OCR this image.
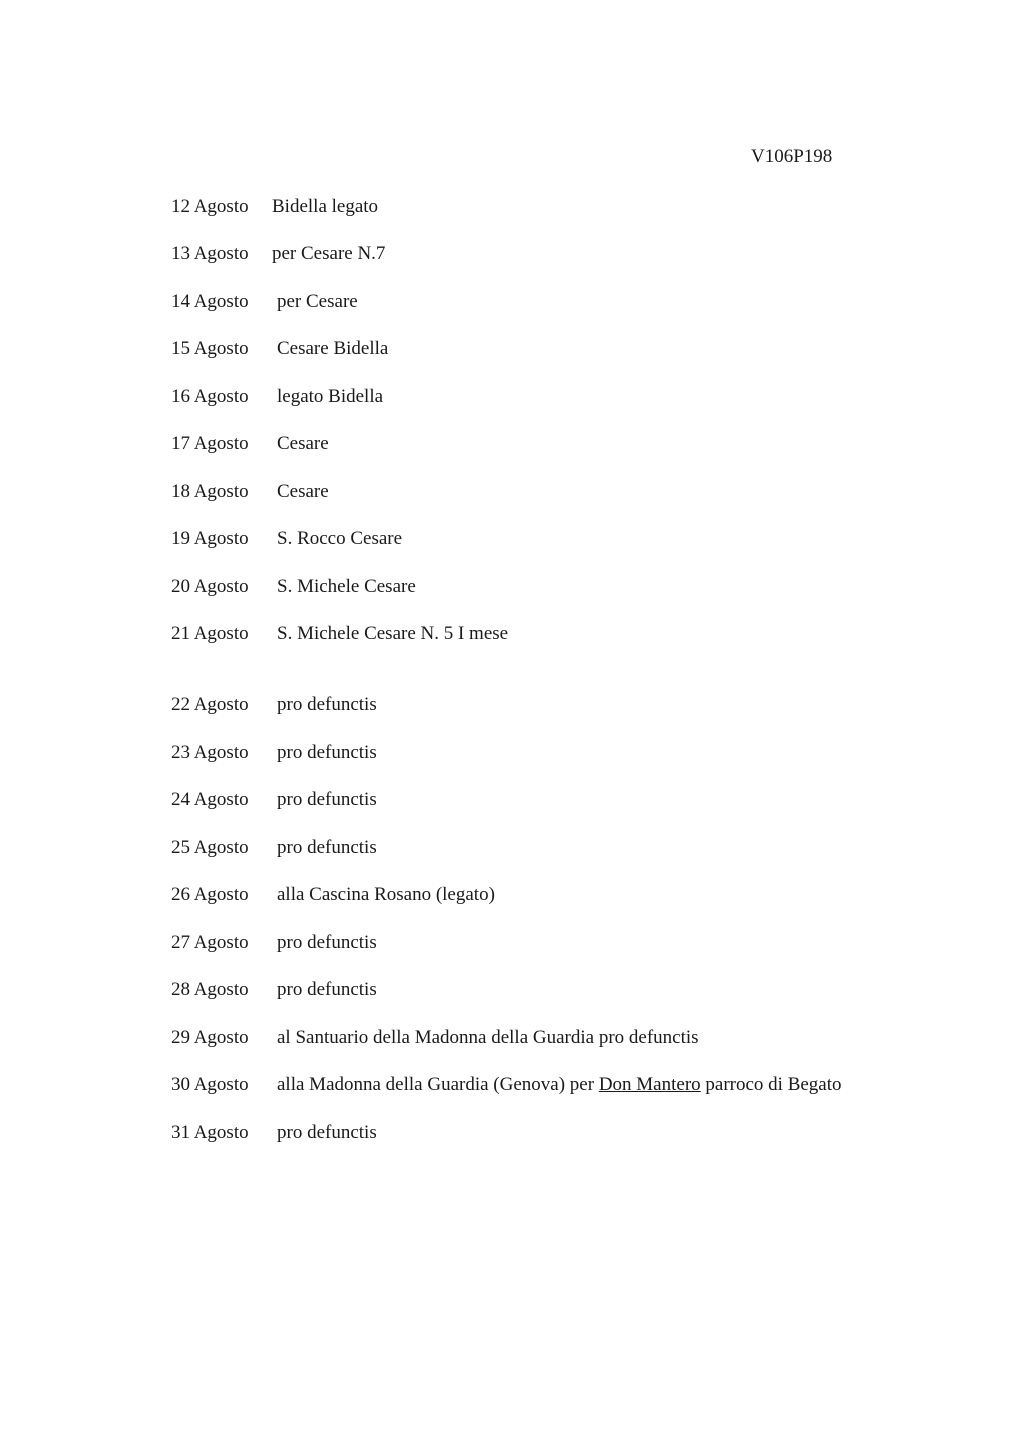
V106P198
12 Agosto Bidella legato
13 Agosto per Cesare N.7
14 Agosto per Cesare
15 Agosto Cesare Bidella
16 Agosto legato Bidella
17 Agosto Cesare
18 Agosto Cesare
19 Agosto S. Rocco Cesare
20 Agosto S. Michele Cesare
21 Agosto S. Michele Cesare N. 5 I mese
22 Agosto pro defunctis
23 Agosto pro defunctis
24 Agosto pro defunctis
25 Agosto pro defunctis
26 Agosto alla Cascina Rosano (legato)
27 Agosto pro defunctis
28 Agosto pro defunctis
29 Agosto al Santuario della Madonna della Guardia pro defunctis
30 Agosto alla Madonna della Guardia (Genova) per Don Mantero parroco di Begato
31 Agosto pro defunctis
